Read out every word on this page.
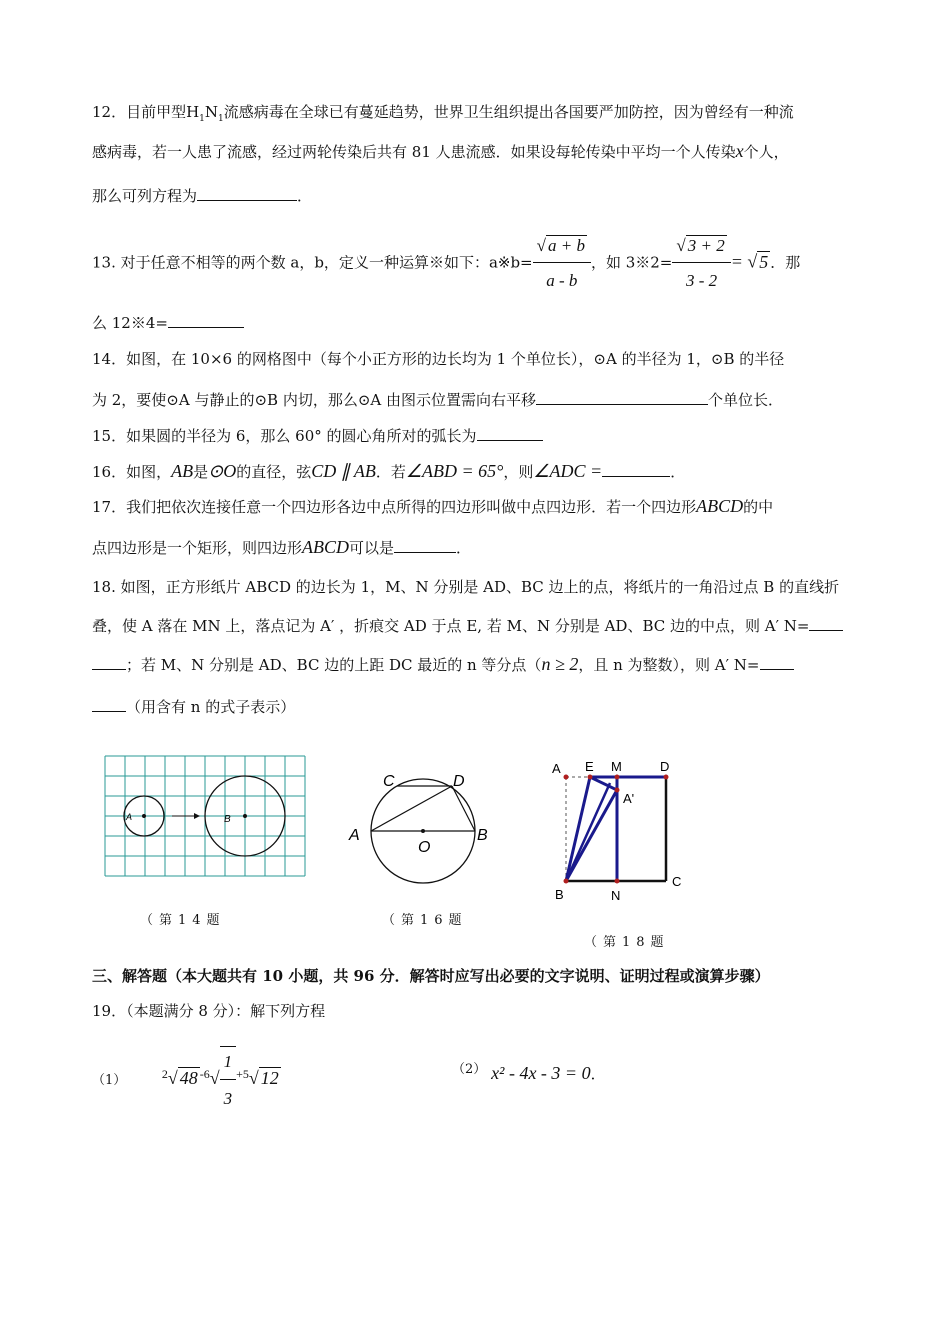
12．目前甲型$H_1N_1$流感病毒在全球已有蔓延趋势，世界卫生组织提出各国要严加防控，因为曾经有一种流
感病毒，若一人患了流感，经过两轮传染后共有 81 人患流感．如果设每轮传染中平均一个人传染x个人，
那么可列方程为	．
13. 对于任意不相等的两个数 a，b，定义一种运算※如下：a※b= $\frac{√ a + b}{a - b}$ ，如 3※2= $\frac{√ 3 + 2}{3 - 2}$ = √ 5 ．那
么 12※4=
14．如图，在 10×6 的网格图中（每个小正方形的边长均为 1 个单位长），⊙A 的半径为 1，⊙B 的半径
为 2，要使⊙A 与静止的⊙B 内切，那么⊙A 由图示位置需向右平移	个单位长．
15．如果圆的半径为 6，那么 60° 的圆心角所对的弧长为
16．如图，AB是⊙O的直径，弦CD ∥ AB．若∠ABD = 65°，则∠ADC =	．
17．我们把依次连接任意一个四边形各边中点所得的四边形叫做中点四边形．若一个四边形ABCD的中
点四边形是一个矩形，则四边形ABCD可以是	．
18. 如图，正方形纸片 ABCD 的边长为 1，M、N 分别是 AD、BC 边上的点，将纸片的一角沿过点 B 的直线折
叠，使 A 落在 MN 上，落点记为 A′ ，折痕交 AD 于点 E, 若 M、N 分别是 AD、BC 边的中点，则 A′ N=
；若 M、N 分别是 AD、BC 边的上距 DC 最近的 n 等分点（n ≥ 2，且 n 为整数），则 A′ N=
（用含有 n 的式子表示）
A	B
（第14题
A	B
C	D
O
（第16题
A E M	D
A'
B	N
C
（第18题
三、解答题（本大题共有 10 小题，共 96 分．解答时应写出必要的文字说明、证明过程或演算步骤）
19．（本题满分 8 分）：解下列方程
（1）	$^2$√ 48 $^{-6}√ \frac{1}{3} ^{+5}√$ 12	（2） x² - 4x - 3 = 0．
